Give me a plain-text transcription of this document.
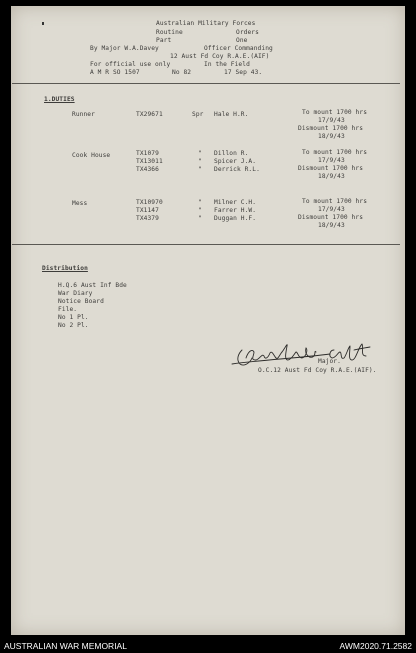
Australian Military Forces
Routine	Orders
Part	One
By Major W.A.Davey	Officer Commanding
12 Aust Fd Coy R.A.E.(AIF)
For official use only	In the Field
A M R SO 1507	No 82	17 Sep 43.
1.DUTIES
Runner	TX29671	Spr Hale H.R.	To mount 1700 hrs
17/9/43
Dismount 1700 hrs
18/9/43
Cook House	TX1079	" Dillon R.
TX13011	" Spicer J.A.
TX4366	" Derrick R.L.
To mount 1700 hrs
17/9/43
Dismount 1700 hrs
18/9/43
Mess	TX10970	" Milner C.H.
TX1147	" Farrer H.W.
TX4379	" Duggan H.F.
To mount 1700 hrs
17/9/43
Dismount 1700 hrs
18/9/43
Distribution
H.Q.6 Aust Inf Bde
War Diary
Notice Board
File.
No 1 Pl.
No 2 Pl.
Major.
O.C.12 Aust Fd Coy R.A.E.(AIF).
AUSTRALIAN WAR MEMORIAL	AWM2020.71.2582
